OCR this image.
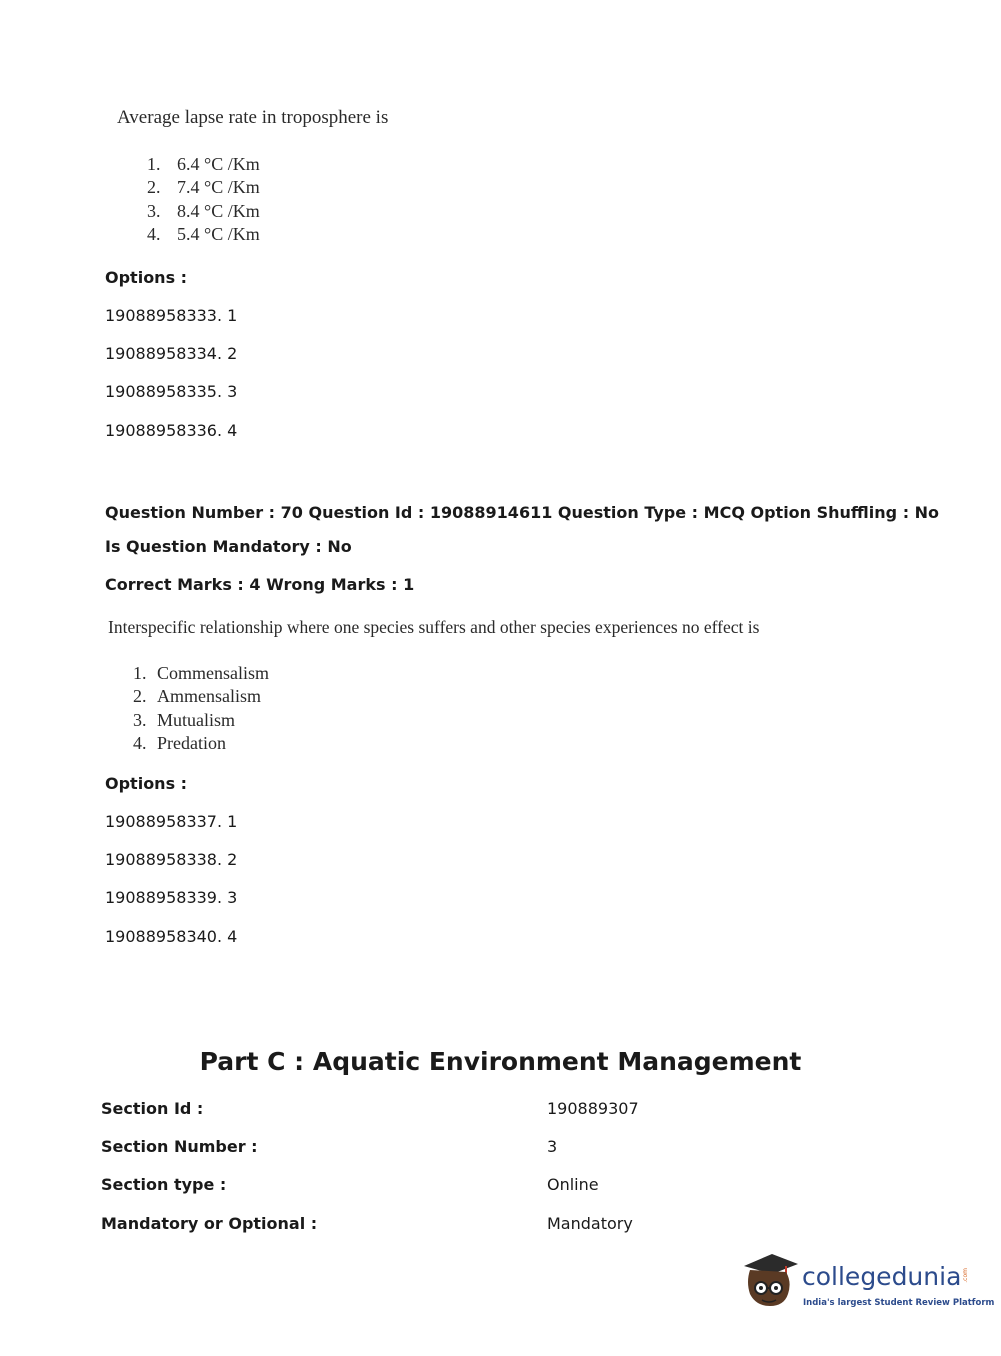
Average lapse rate in troposphere is
1. 6.4 °C /Km
2. 7.4 °C /Km
3. 8.4 °C /Km
4. 5.4 °C /Km
Options :
19088958333. 1
19088958334. 2
19088958335. 3
19088958336. 4
Question Number : 70 Question Id : 19088914611 Question Type : MCQ Option Shuffling : No
Is Question Mandatory : No
Correct Marks : 4 Wrong Marks : 1
Interspecific relationship where one species suffers and other species experiences no effect is
1. Commensalism
2. Ammensalism
3. Mutualism
4. Predation
Options :
19088958337. 1
19088958338. 2
19088958339. 3
19088958340. 4
Part C : Aquatic Environment Management
Section Id :	190889307
Section Number :	3
Section type :	Online
Mandatory or Optional :	Mandatory
collegedunia .com
India's largest Student Review Platform
